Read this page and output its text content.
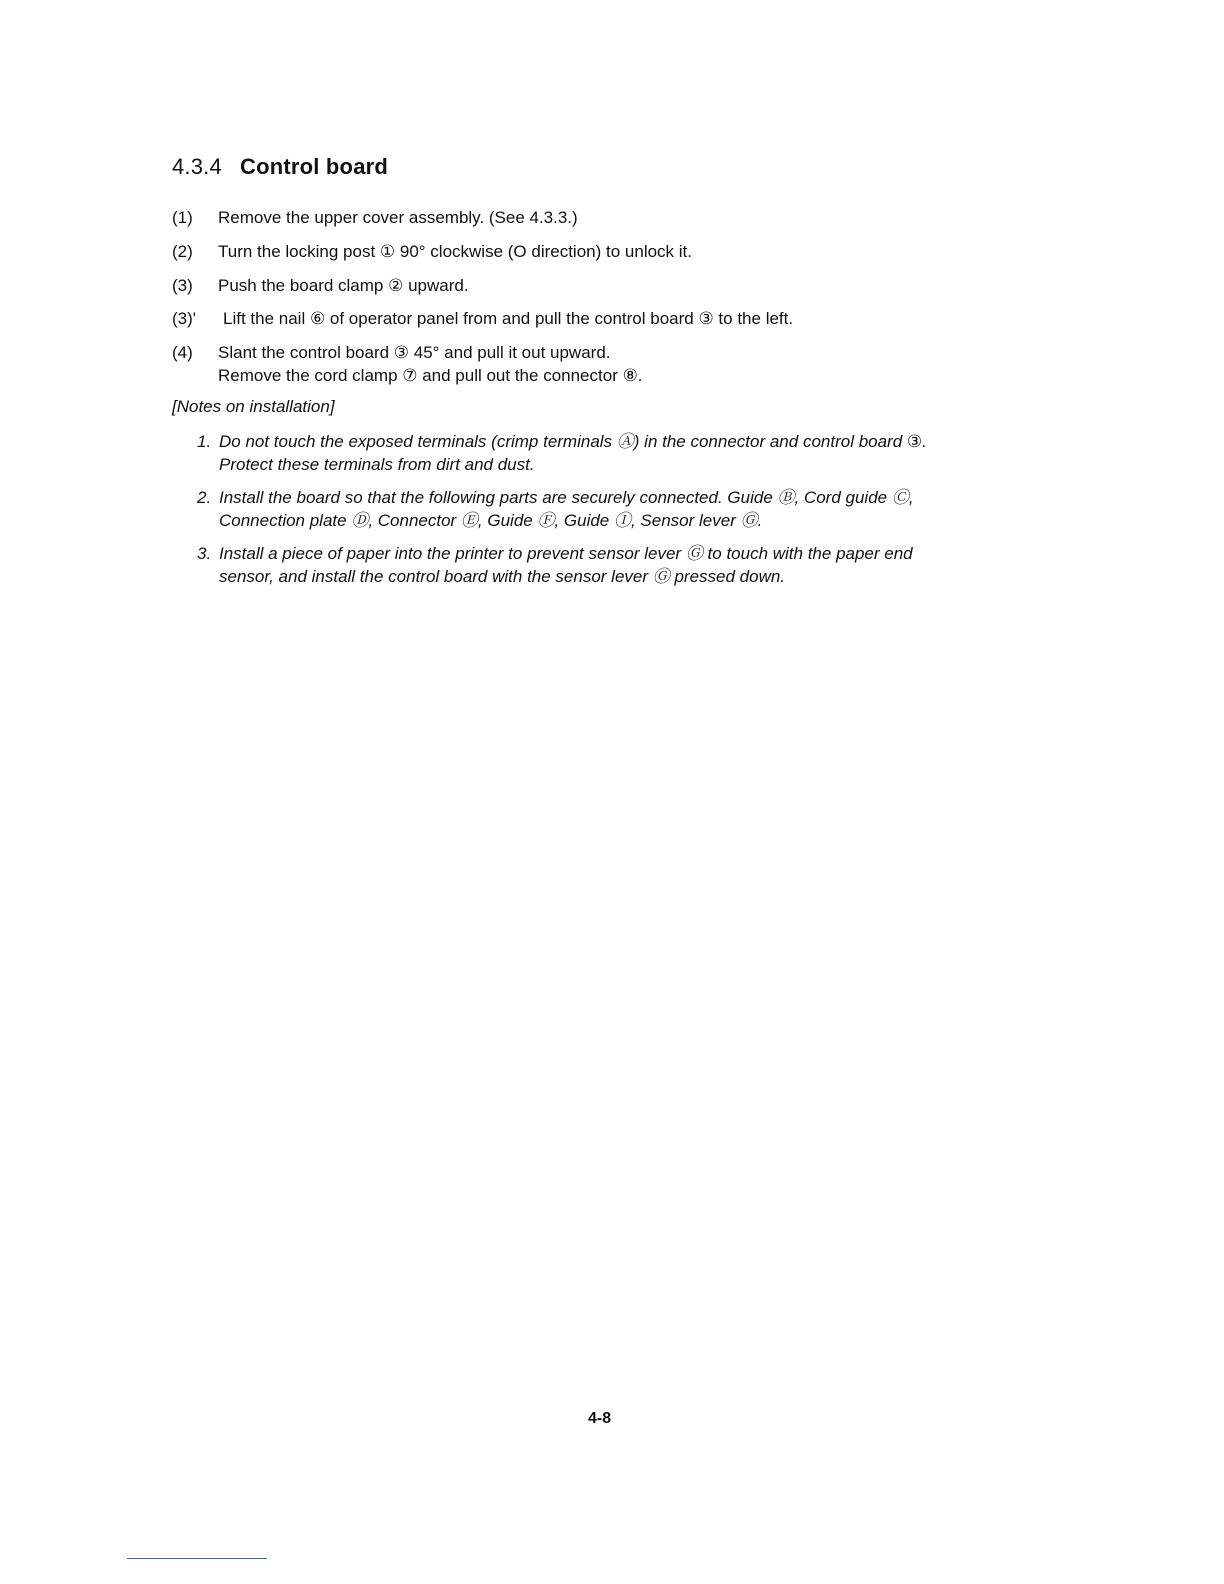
4.3.4 Control board
(1) Remove the upper cover assembly. (See 4.3.3.)
(2) Turn the locking post ① 90° clockwise (O direction) to unlock it.
(3) Push the board clamp ② upward.
(3)' Lift the nail ⑥ of operator panel from and pull the control board ③ to the left.
(4) Slant the control board ③ 45° and pull it out upward.
Remove the cord clamp ⑦ and pull out the connector ⑧.
[Notes on installation]
1. Do not touch the exposed terminals (crimp terminals Ⓐ) in the connector and control board ③.
Protect these terminals from dirt and dust.
2. Install the board so that the following parts are securely connected. Guide Ⓑ, Cord guide Ⓒ,
Connection plate Ⓓ, Connector Ⓔ, Guide Ⓕ, Guide Ⓘ, Sensor lever Ⓖ.
3. Install a piece of paper into the printer to prevent sensor lever Ⓖ to touch with the paper end
sensor, and install the control board with the sensor lever Ⓖ pressed down.
4-8
